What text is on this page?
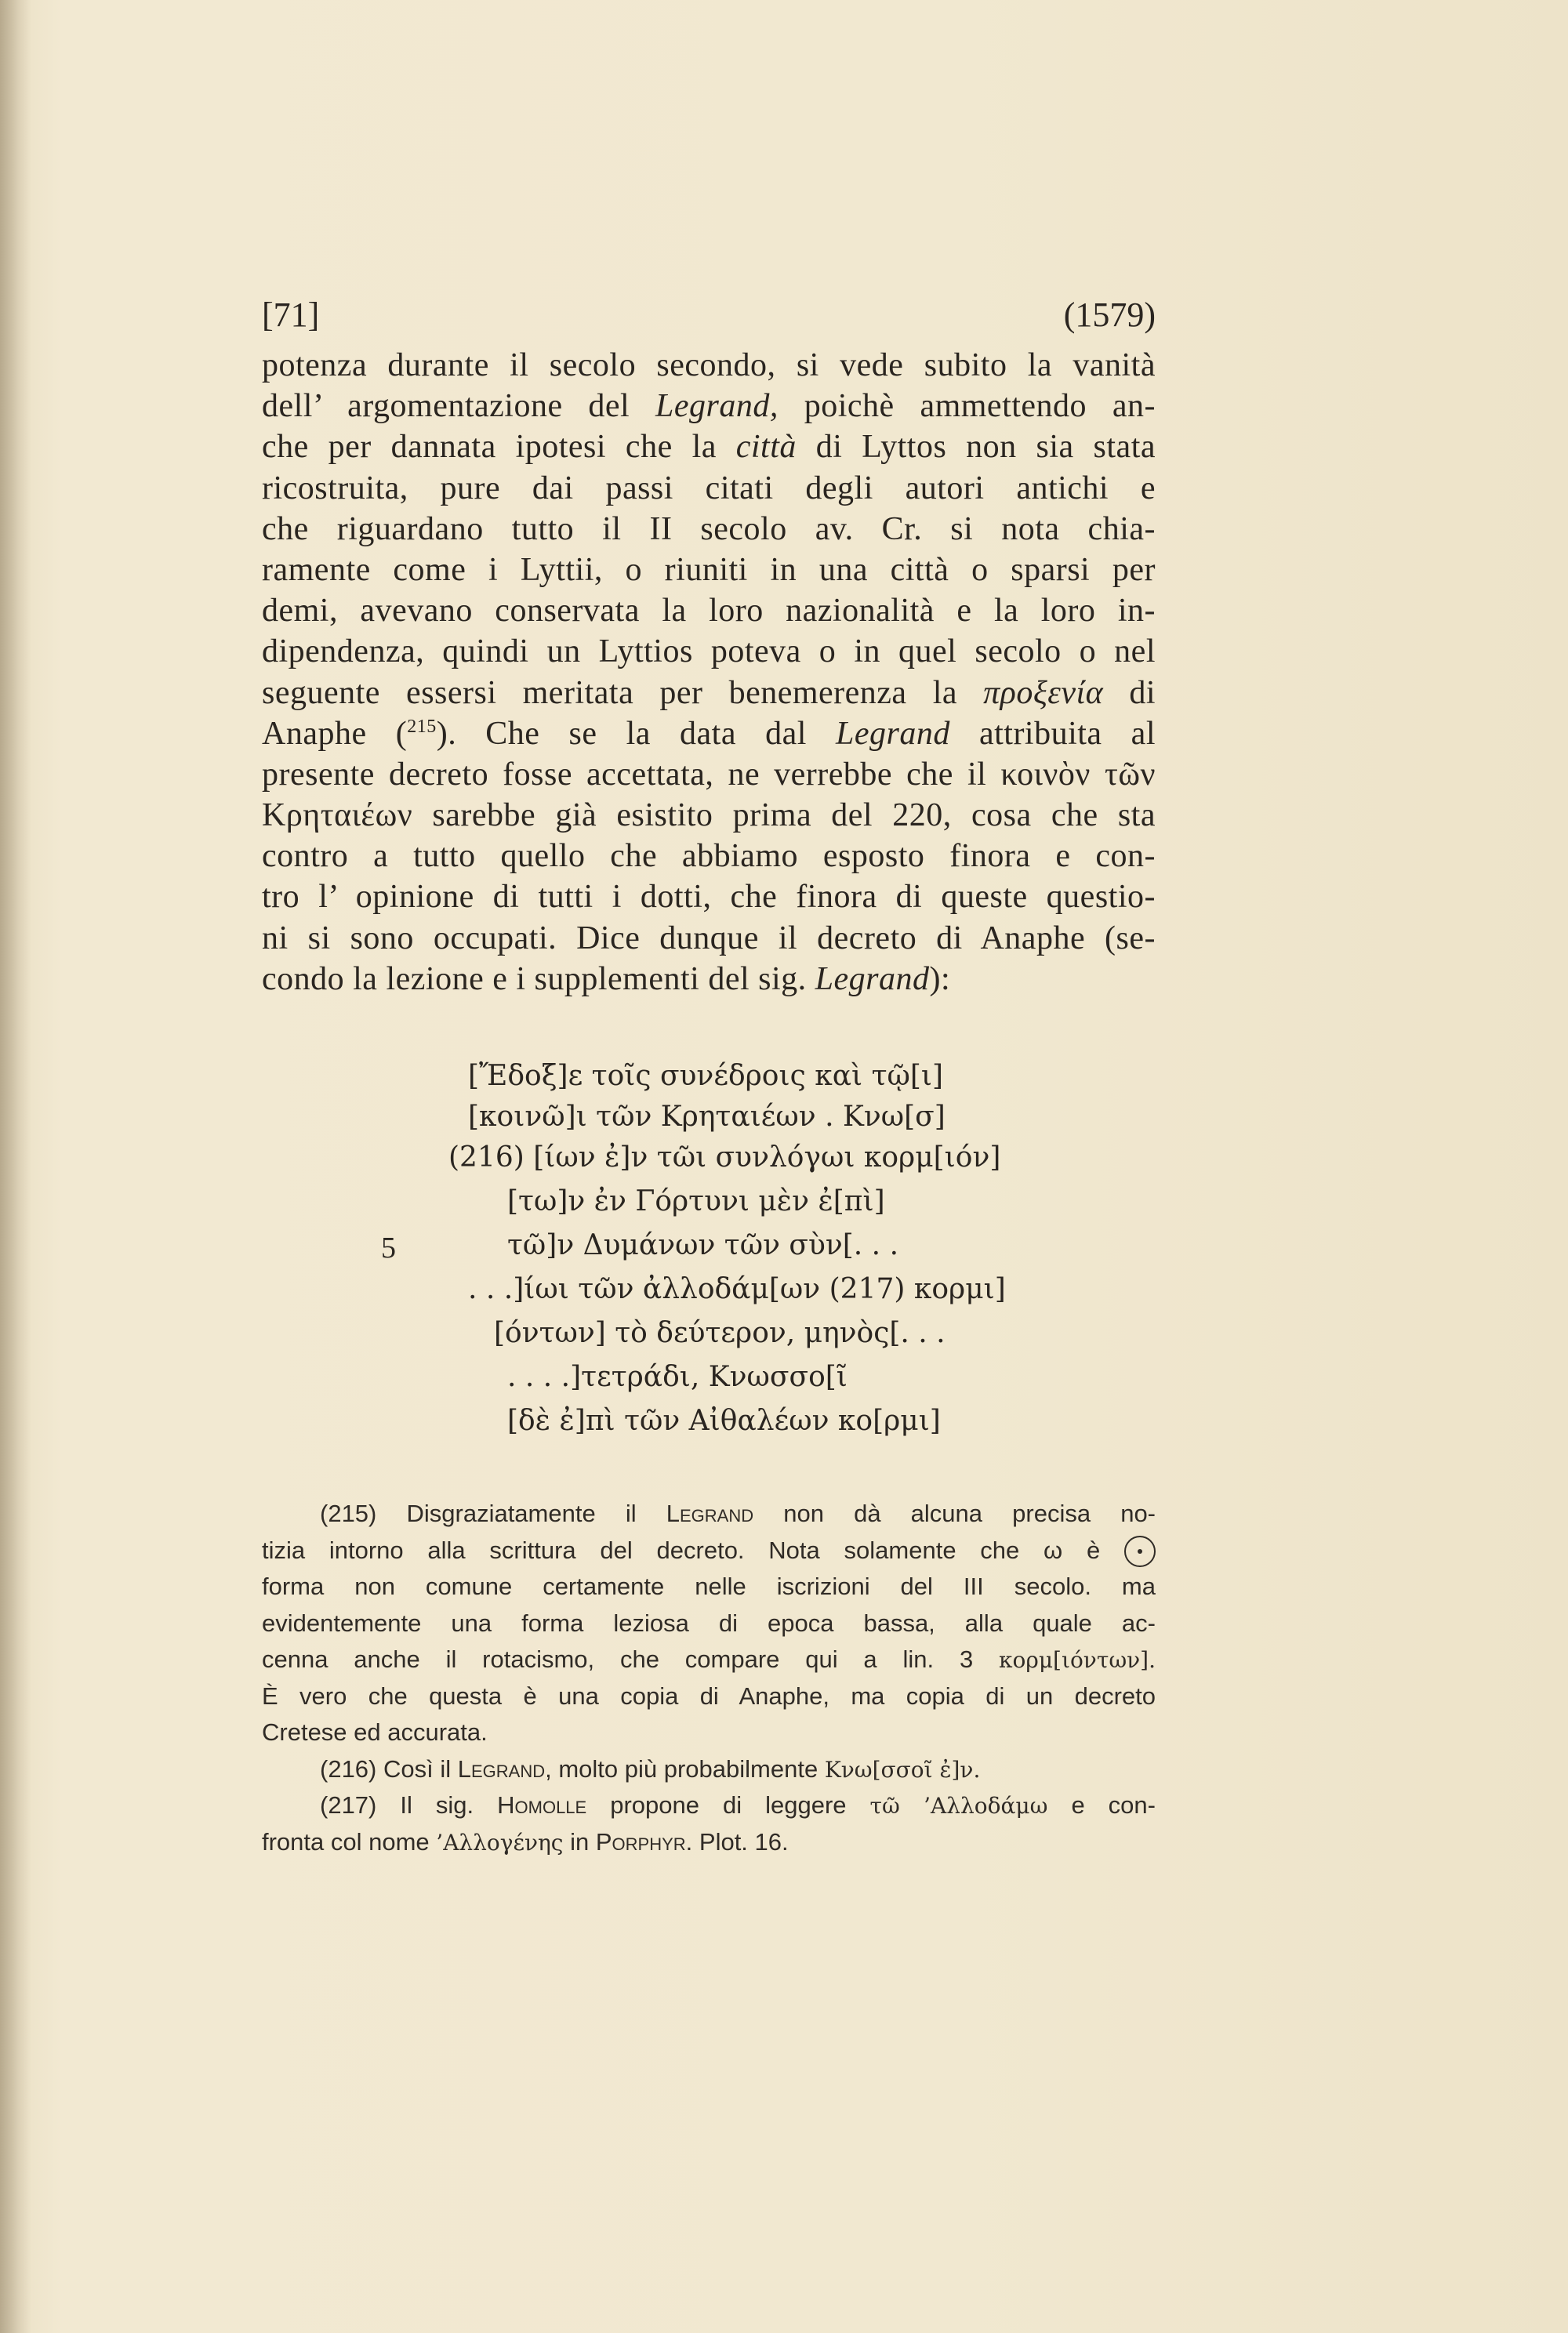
[71]	(1579)
potenza durante il secolo secondo, si vede subito la vanità
dell’ argomentazione del Legrand, poichè ammettendo an-
che per dannata ipotesi che la città di Lyttos non sia stata
ricostruita, pure dai passi citati degli autori antichi e
che riguardano tutto il II secolo av. Cr. si nota chia-
ramente come i Lyttii, o riuniti in una città o sparsi per
demi, avevano conservata la loro nazionalità e la loro in-
dipendenza, quindi un Lyttios poteva o in quel secolo o nel
seguente essersi meritata per benemerenza la προξενία di
Anaphe ($^{215}$). Che se la data dal Legrand attribuita al
presente decreto fosse accettata, ne verrebbe che il κοινὸν τῶν
Κρηταιέων sarebbe già esistito prima del 220, cosa che sta
contro a tutto quello che abbiamo esposto finora e con-
tro l’ opinione di tutti i dotti, che finora di queste questio-
ni si sono occupati. Dice dunque il decreto di Anaphe (se-
condo la lezione e i supplementi del sig. Legrand):
5
[Ἔδοξ]ε τοῖς συνέδροις καὶ τῷ[ι]
[κοινῶ]ι τῶν Κρηταιέων . Κνω[σ]
(216) [ίων ἐ]ν τῶι συνλόγωι κορμ[ιόν]
[τω]ν ἐν Γόρτυνι μὲν ἐ[πὶ]
τῶ]ν Δυμάνων τῶν σὺν[. . .
. . .]ίωι τῶν ἀλλοδάμ[ων (217) κορμι]
[όντων] τὸ δεύτερον, μηνὸς[. . .
. . . .]τετράδι, Κνωσσο[ῖ
[δὲ ἐ]πὶ τῶν Αἰθαλέων κο[ρμι]
(215) Disgraziatamente il Legrand non dà alcuna precisa no-
tizia intorno alla scrittura del decreto. Nota solamente che ω è
forma non comune certamente nelle iscrizioni del III secolo. ma
evidentemente una forma leziosa di epoca bassa, alla quale ac-
cenna anche il rotacismo, che compare qui a lin. 3 κορμ[ιόντων].
È vero che questa è una copia di Anaphe, ma copia di un decreto
Cretese ed accurata.
(216) Così il Legrand, molto più probabilmente Κνω[σσοῖ ἐ]ν.
(217) Il sig. Homolle propone di leggere τῶ ’Αλλοδάμω e con-
fronta col nome ’Αλλογένης in Porphyr. Plot. 16.
